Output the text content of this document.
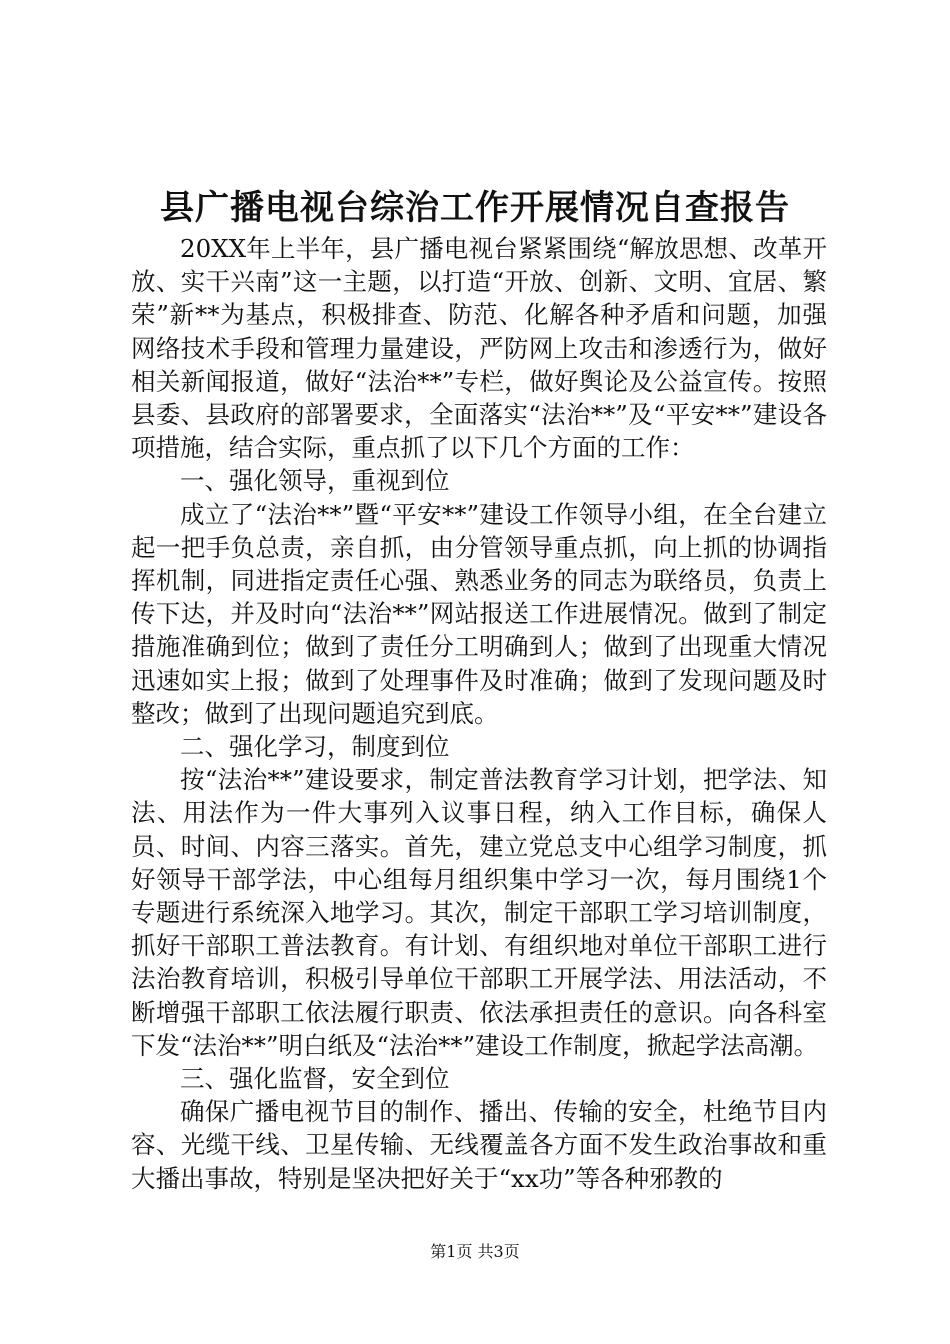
县广播电视台综治工作开展情况自查报告

20XX年上半年，县广播电视台紧紧围绕“解放思想、改革开放、实干兴南”这一主题，以打造“开放、创新、文明、宜居、繁荣”新**为基点，积极排查、防范、化解各种矛盾和问题，加强网络技术手段和管理力量建设，严防网上攻击和渗透行为，做好相关新闻报道，做好“法治**”专栏，做好舆论及公益宣传。按照县委、县政府的部署要求，全面落实“法治**”及“平安**”建设各项措施，结合实际，重点抓了以下几个方面的工作：

一、强化领导，重视到位

成立了“法治**”暨“平安**”建设工作领导小组，在全台建立起一把手负总责，亲自抓，由分管领导重点抓，向上抓的协调指挥机制，同进指定责任心强、熟悉业务的同志为联络员，负责上传下达，并及时向“法治**”网站报送工作进展情况。做到了制定措施准确到位；做到了责任分工明确到人；做到了出现重大情况迅速如实上报；做到了处理事件及时准确；做到了发现问题及时整改；做到了出现问题追究到底。

二、强化学习，制度到位

按“法治**”建设要求，制定普法教育学习计划，把学法、知法、用法作为一件大事列入议事日程，纳入工作目标，确保人员、时间、内容三落实。首先，建立党总支中心组学习制度，抓好领导干部学法，中心组每月组织集中学习一次，每月围绕1个专题进行系统深入地学习。其次，制定干部职工学习培训制度，抓好干部职工普法教育。有计划、有组织地对单位干部职工进行法治教育培训，积极引导单位干部职工开展学法、用法活动，不断增强干部职工依法履行职责、依法承担责任的意识。向各科室下发“法治**”明白纸及“法治**”建设工作制度，掀起学法高潮。

三、强化监督，安全到位

确保广播电视节目的制作、播出、传输的安全，杜绝节目内容、光缆干线、卫星传输、无线覆盖各方面不发生政治事故和重大播出事故，特别是坚决把好关于“xx功”等各种邪教的

第1页 共3页
